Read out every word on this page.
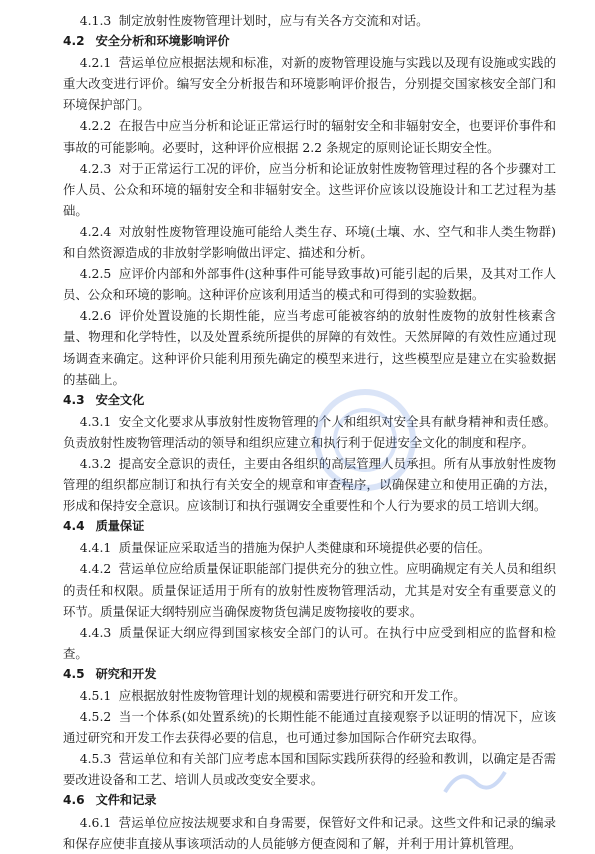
4.1.3 制定放射性废物管理计划时，应与有关各方交流和对话。

4.2 安全分析和环境影响评价

4.2.1 营运单位应根据法规和标准，对新的废物管理设施与实践以及现有设施或实践的重大改变进行评价。编写安全分析报告和环境影响评价报告，分别提交国家核安全部门和环境保护部门。

4.2.2 在报告中应当分析和论证正常运行时的辐射安全和非辐射安全，也要评价事件和事故的可能影响。必要时，这种评价应根据 2.2 条规定的原则论证长期安全性。

4.2.3 对于正常运行工况的评价，应当分析和论证放射性废物管理过程的各个步骤对工作人员、公众和环境的辐射安全和非辐射安全。这些评价应该以设施设计和工艺过程为基础。

4.2.4 对放射性废物管理设施可能给人类生存、环境(土壤、水、空气和非人类生物群)和自然资源造成的非放射学影响做出评定、描述和分析。

4.2.5 应评价内部和外部事件(这种事件可能导致事故)可能引起的后果，及其对工作人员、公众和环境的影响。这种评价应该利用适当的模式和可得到的实验数据。

4.2.6 评价处置设施的长期性能，应当考虑可能被容纳的放射性废物的放射性核素含量、物理和化学特性，以及处置系统所提供的屏障的有效性。天然屏障的有效性应通过现场调查来确定。这种评价只能利用预先确定的模型来进行，这些模型应是建立在实验数据的基础上。

4.3 安全文化

4.3.1 安全文化要求从事放射性废物管理的个人和组织对安全具有献身精神和责任感。负责放射性废物管理活动的领导和组织应建立和执行利于促进安全文化的制度和程序。

4.3.2 提高安全意识的责任，主要由各组织的高层管理人员承担。所有从事放射性废物管理的组织都应制订和执行有关安全的规章和审查程序，以确保建立和使用正确的方法，形成和保持安全意识。应该制订和执行强调安全重要性和个人行为要求的员工培训大纲。

4.4 质量保证

4.4.1 质量保证应采取适当的措施为保护人类健康和环境提供必要的信任。

4.4.2 营运单位应给质量保证职能部门提供充分的独立性。应明确规定有关人员和组织的责任和权限。质量保证适用于所有的放射性废物管理活动，尤其是对安全有重要意义的环节。质量保证大纲特别应当确保废物货包满足废物接收的要求。

4.4.3 质量保证大纲应得到国家核安全部门的认可。在执行中应受到相应的监督和检查。

4.5 研究和开发

4.5.1 应根据放射性废物管理计划的规模和需要进行研究和开发工作。

4.5.2 当一个体系(如处置系统)的长期性能不能通过直接观察予以证明的情况下，应该通过研究和开发工作去获得必要的信息，也可通过参加国际合作研究去取得。

4.5.3 营运单位和有关部门应考虑本国和国际实践所获得的经验和教训，以确定是否需要改进设备和工艺、培训人员或改变安全要求。

4.6 文件和记录

4.6.1 营运单位应按法规要求和自身需要，保管好文件和记录。这些文件和记录的编录和保存应使非直接从事该项活动的人员能够方便查阅和了解，并利于用计算机管理。
